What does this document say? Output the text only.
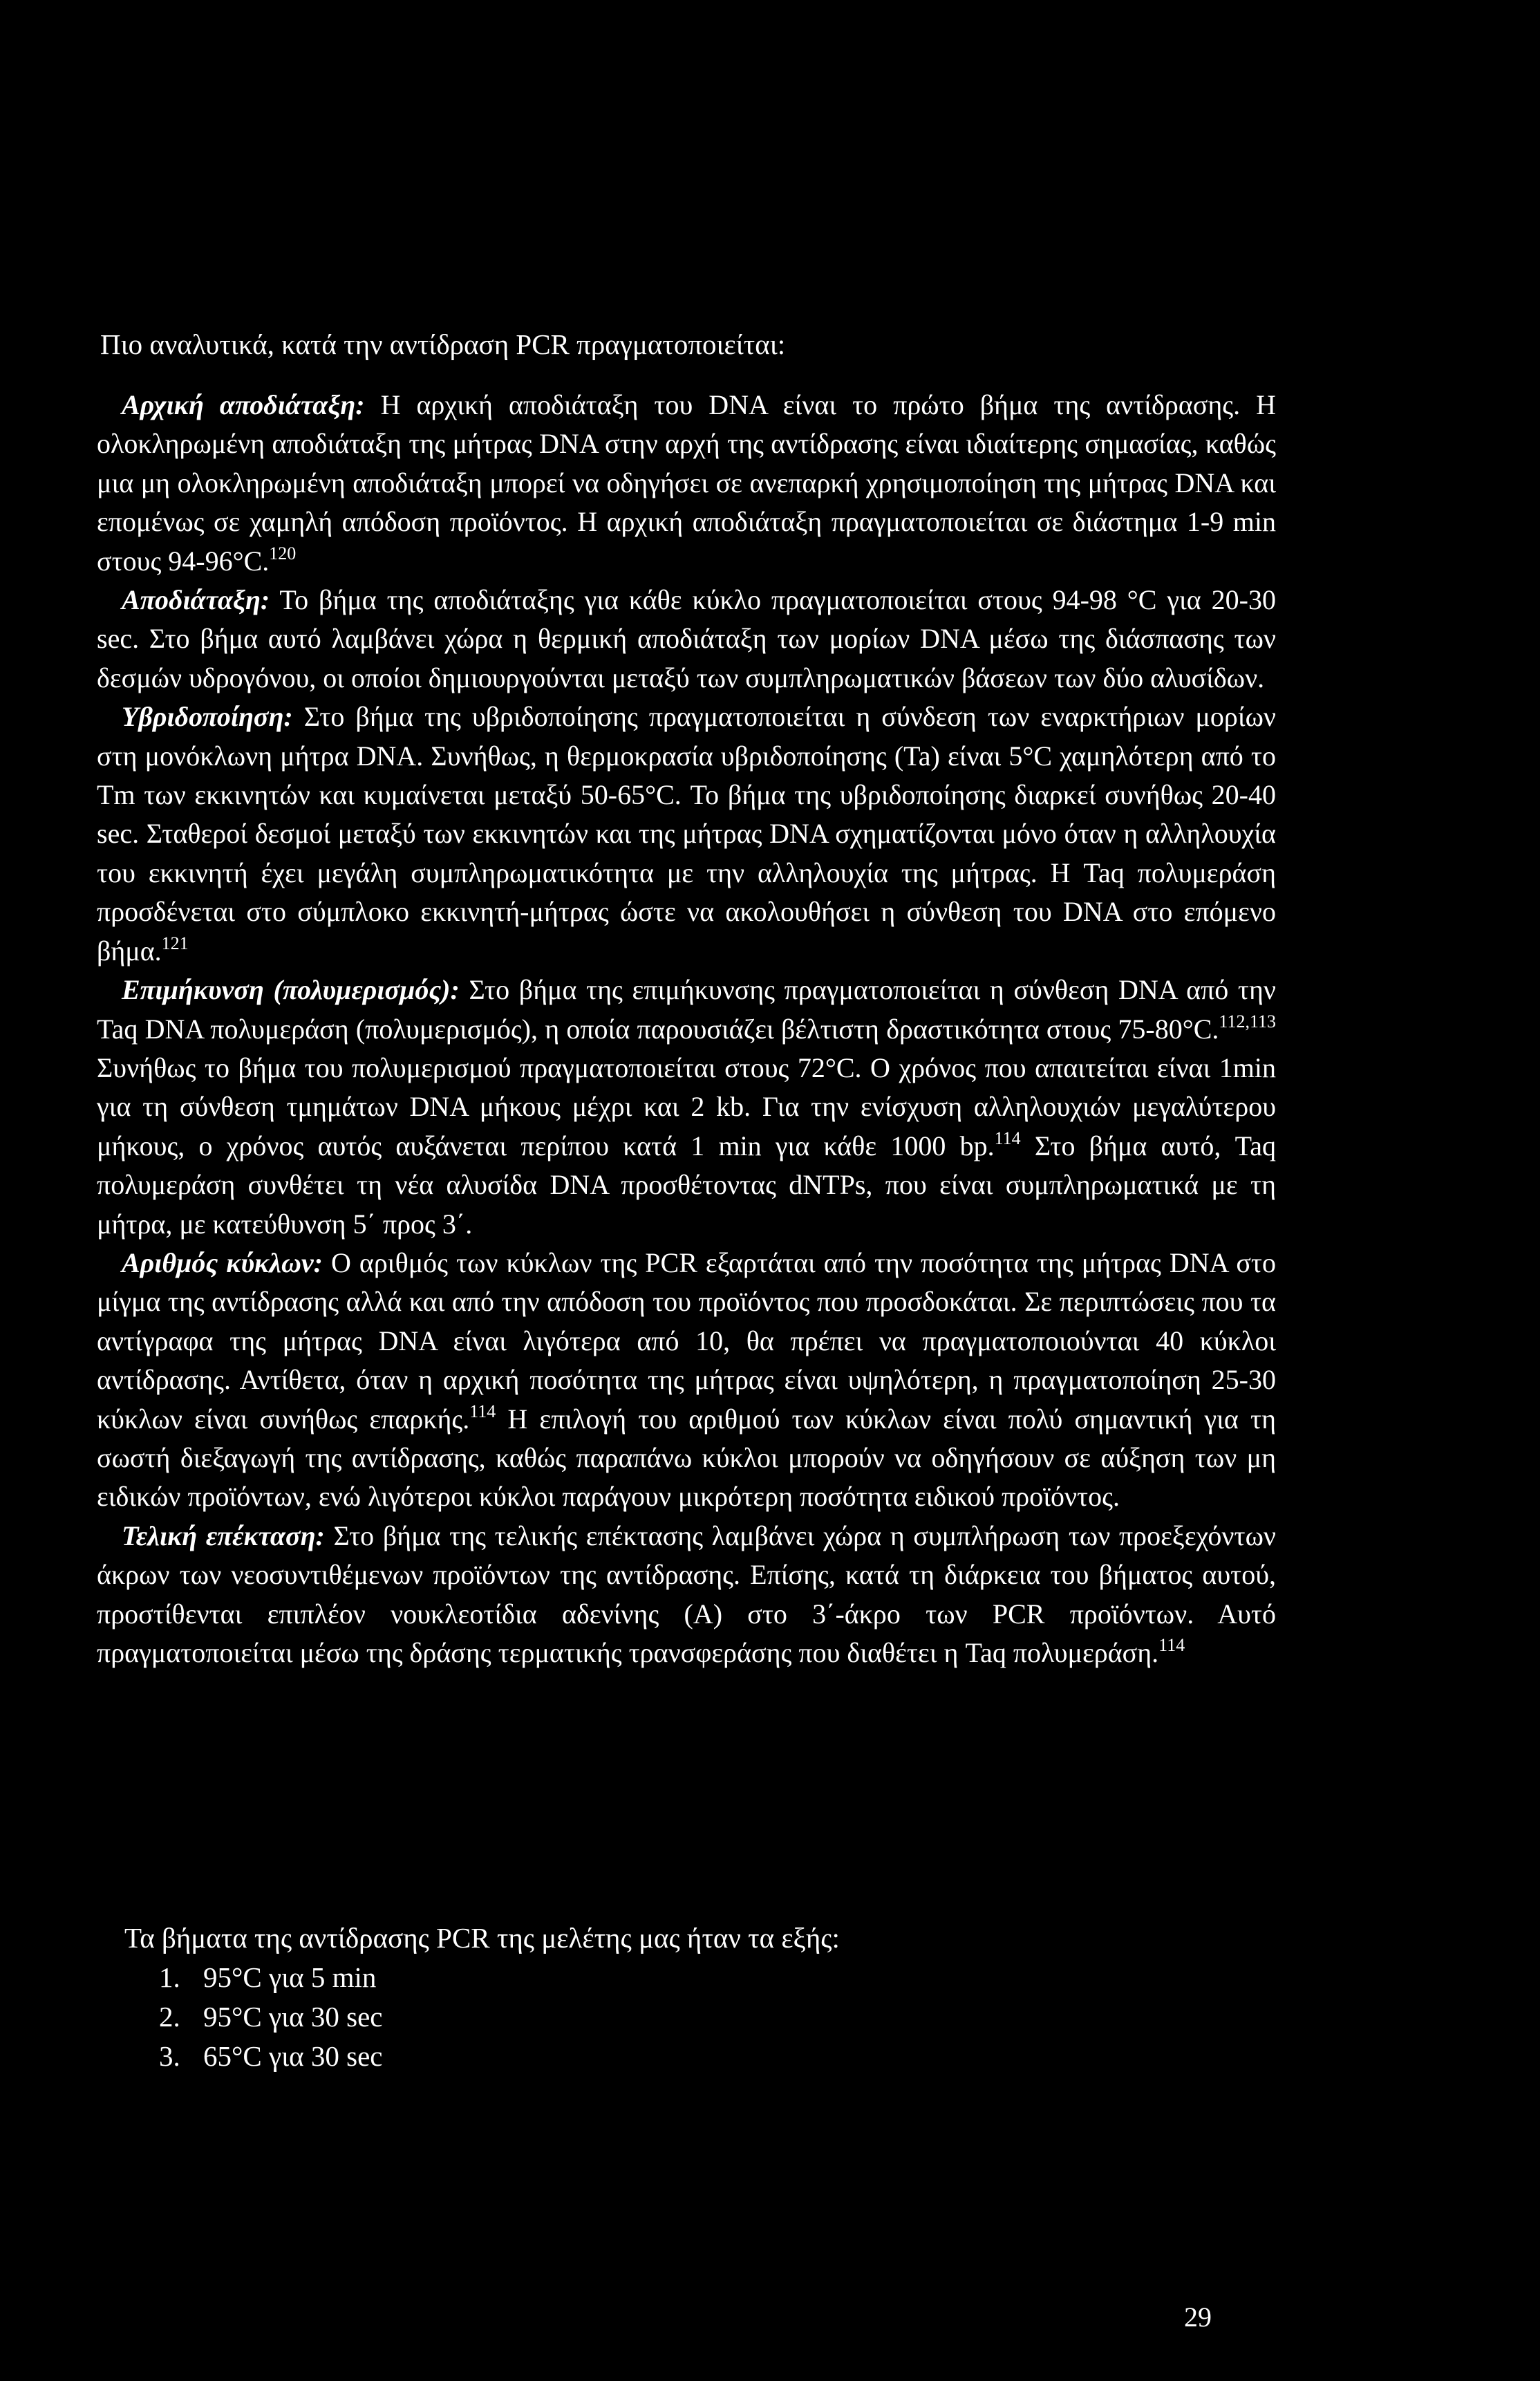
Πιο αναλυτικά, κατά την αντίδραση PCR πραγματοποιείται:

Αρχική αποδιάταξη: Η αρχική αποδιάταξη του DNA είναι το πρώτο βήμα της αντίδρασης. Η ολοκληρωμένη αποδιάταξη της μήτρας DNA στην αρχή της αντίδρασης είναι ιδιαίτερης σημασίας, καθώς μια μη ολοκληρωμένη αποδιάταξη μπορεί να οδηγήσει σε ανεπαρκή χρησιμοποίηση της μήτρας DNA και επομένως σε χαμηλή απόδοση προϊόντος. Η αρχική αποδιάταξη πραγματοποιείται σε διάστημα 1-9 min στους 94-96°C.$^{120}$

Αποδιάταξη: Το βήμα της αποδιάταξης για κάθε κύκλο πραγματοποιείται στους 94-98 °C για 20-30 sec. Στο βήμα αυτό λαμβάνει χώρα η θερμική αποδιάταξη των μορίων DNA μέσω της διάσπασης των δεσμών υδρογόνου, οι οποίοι δημιουργούνται μεταξύ των συμπληρωματικών βάσεων των δύο αλυσίδων.

Υβριδοποίηση: Στο βήμα της υβριδοποίησης πραγματοποιείται η σύνδεση των εναρκτήριων μορίων στη μονόκλωνη μήτρα DNA. Συνήθως, η θερμοκρασία υβριδοποίησης (Ta) είναι 5°C χαμηλότερη από το Tm των εκκινητών και κυμαίνεται μεταξύ 50-65°C. Το βήμα της υβριδοποίησης διαρκεί συνήθως 20-40 sec. Σταθεροί δεσμοί μεταξύ των εκκινητών και της μήτρας DNA σχηματίζονται μόνο όταν η αλληλουχία του εκκινητή έχει μεγάλη συμπληρωματικότητα με την αλληλουχία της μήτρας. Η Taq πολυμεράση προσδένεται στο σύμπλοκο εκκινητή-μήτρας ώστε να ακολουθήσει η σύνθεση του DNA στο επόμενο βήμα.$^{121}$

Επιμήκυνση (πολυμερισμός): Στο βήμα της επιμήκυνσης πραγματοποιείται η σύνθεση DNA από την Taq DNA πολυμεράση (πολυμερισμός), η οποία παρουσιάζει βέλτιστη δραστικότητα στους 75-80°C.$^{112,113}$ Συνήθως το βήμα του πολυμερισμού πραγματοποιείται στους 72°C. Ο χρόνος που απαιτείται είναι 1min για τη σύνθεση τμημάτων DNA μήκους μέχρι και 2 kb. Για την ενίσχυση αλληλουχιών μεγαλύτερου μήκους, ο χρόνος αυτός αυξάνεται περίπου κατά 1 min για κάθε 1000 bp.$^{114}$ Στο βήμα αυτό, Taq πολυμεράση συνθέτει τη νέα αλυσίδα DNA προσθέτοντας dNTPs, που είναι συμπληρωματικά με τη μήτρα, με κατεύθυνση 5΄ προς 3΄.

Αριθμός κύκλων: Ο αριθμός των κύκλων της PCR εξαρτάται από την ποσότητα της μήτρας DNA στο μίγμα της αντίδρασης αλλά και από την απόδοση του προϊόντος που προσδοκάται. Σε περιπτώσεις που τα αντίγραφα της μήτρας DNA είναι λιγότερα από 10, θα πρέπει να πραγματοποιούνται 40 κύκλοι αντίδρασης. Αντίθετα, όταν η αρχική ποσότητα της μήτρας είναι υψηλότερη, η πραγματοποίηση 25-30 κύκλων είναι συνήθως επαρκής.$^{114}$ Η επιλογή του αριθμού των κύκλων είναι πολύ σημαντική για τη σωστή διεξαγωγή της αντίδρασης, καθώς παραπάνω κύκλοι μπορούν να οδηγήσουν σε αύξηση των μη ειδικών προϊόντων, ενώ λιγότεροι κύκλοι παράγουν μικρότερη ποσότητα ειδικού προϊόντος.

Τελική επέκταση: Στο βήμα της τελικής επέκτασης λαμβάνει χώρα η συμπλήρωση των προεξεχόντων άκρων των νεοσυντιθέμενων προϊόντων της αντίδρασης. Επίσης, κατά τη διάρκεια του βήματος αυτού, προστίθενται επιπλέον νουκλεοτίδια αδενίνης (A) στο 3΄-άκρο των PCR προϊόντων. Αυτό πραγματοποιείται μέσω της δράσης τερματικής τρανσφεράσης που διαθέτει η Taq πολυμεράση.$^{114}$

Τα βήματα της αντίδρασης PCR της μελέτης μας ήταν τα εξής:
1. 95°C για 5 min
2. 95°C για 30 sec
3. 65°C για 30 sec
29
